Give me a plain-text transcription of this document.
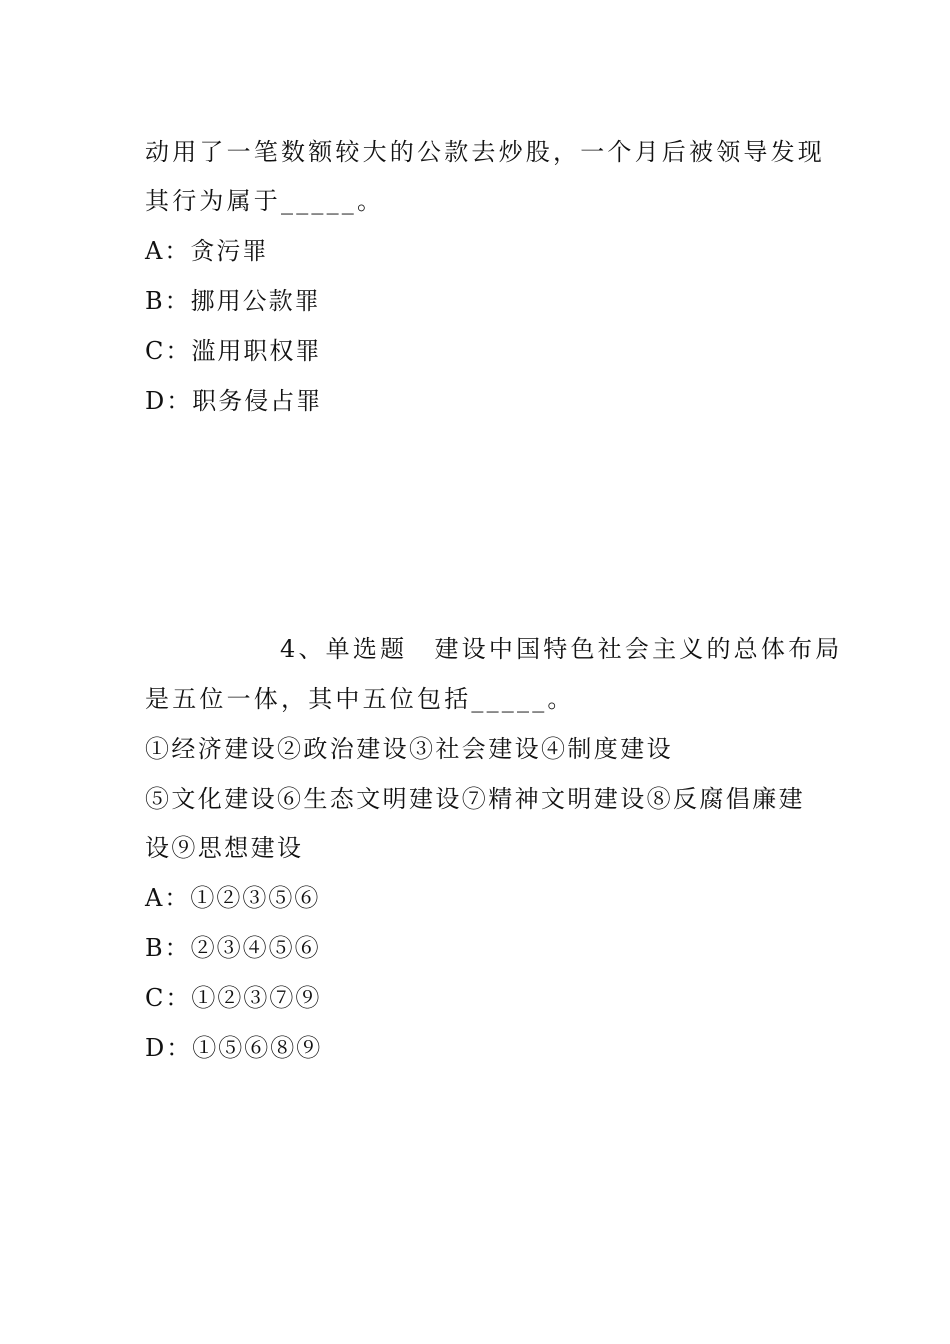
动用了一笔数额较大的公款去炒股，一个月后被领导发现
其行为属于_____。
A：贪污罪
B：挪用公款罪
C：滥用职权罪
D：职务侵占罪
4、单选题　建设中国特色社会主义的总体布局
是五位一体，其中五位包括_____。
①经济建设②政治建设③社会建设④制度建设
⑤文化建设⑥生态文明建设⑦精神文明建设⑧反腐倡廉建
设⑨思想建设
A：①②③⑤⑥
B：②③④⑤⑥
C：①②③⑦⑨
D：①⑤⑥⑧⑨
